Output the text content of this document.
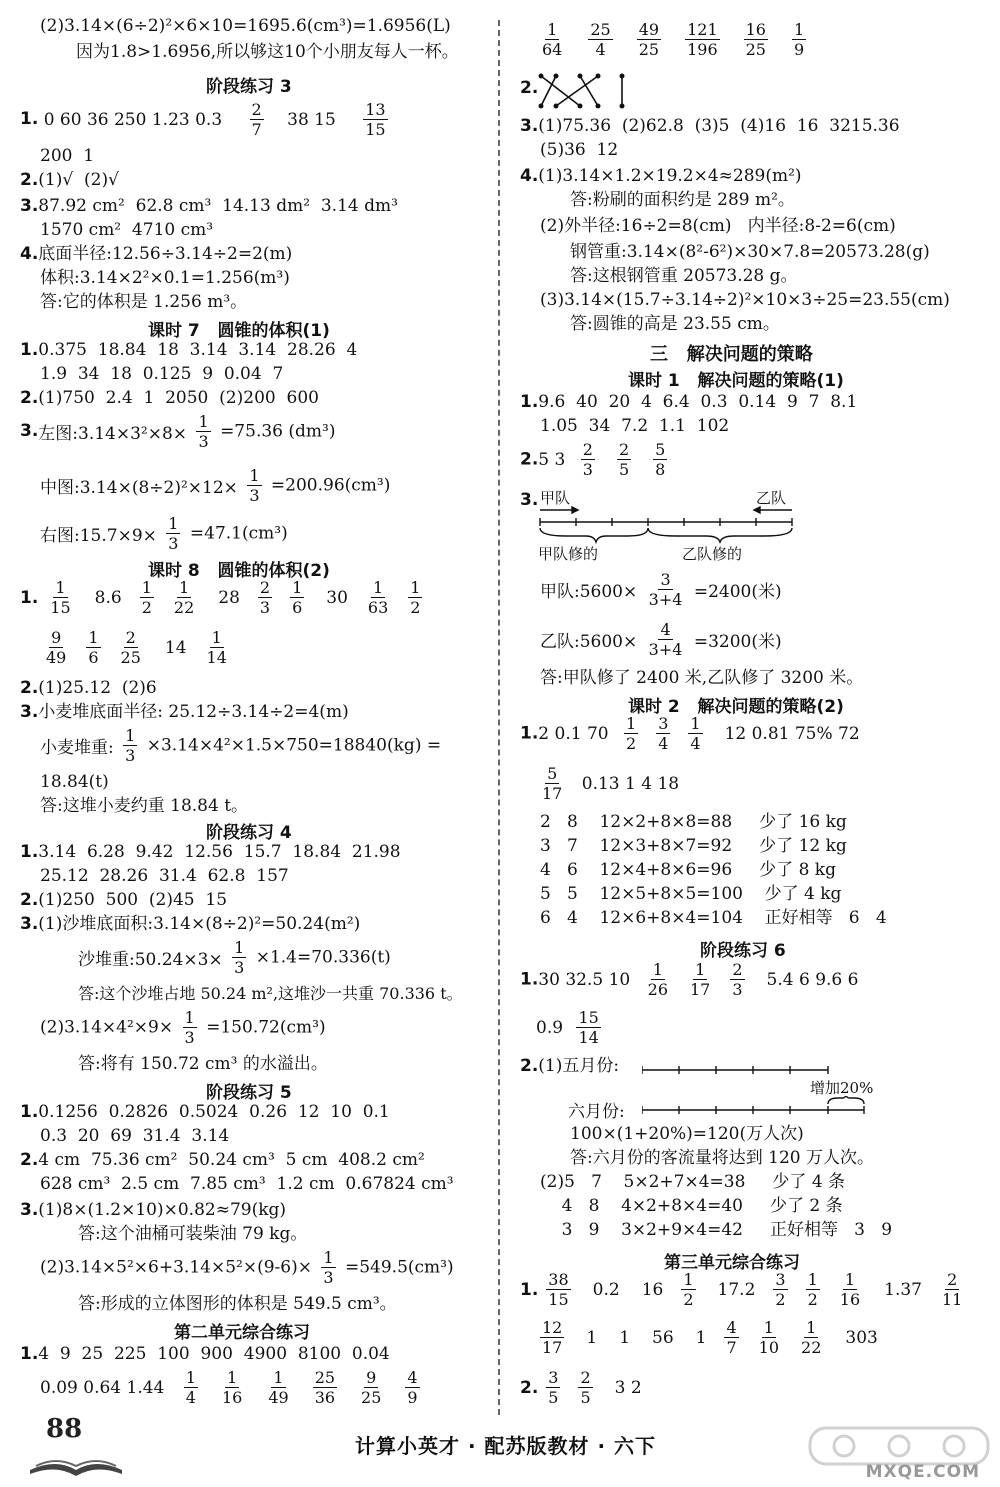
(2)3.14×(6÷2)²×6×10=1695.6(cm³)=1.6956(L)
因为1.8>1.6956,所以够这10个小朋友每人一杯。
阶段练习 3
1. 0 60 36 250 1.23 $0.3 \frac{2}{7} 38$ $15 \frac{13}{15}$
200  1
2.(1)√  (2)√
3.87.92 cm²  62.8 cm³  14.13 dm²  3.14 dm³
1570 cm²  4710 cm³
4.底面半径:12.56÷3.14÷2=2(m)
体积:3.14×2²×0.1=1.256(m³)
答:它的体积是 1.256 m³。
课时 7   圆锥的体积(1)
1.0.375  18.84  18  3.14  3.14  28.26  4
1.9  34  18  0.125  9  0.04  7
2.(1)750  2.4  1  2050  (2)200  600
3.左图:3.14×3²×8× $\frac{1}{3} =75.36$ (dm³)
中图:3.14×(8÷2)²×12× $\frac{1}{3} =200.96(cm^3)$
右图:15.7×9× $\frac{1}{3} =47.1(cm^3)$
课时 8   圆锥的体积(2)
1. $\frac{1}{15} 8.6 \frac{1}{2} \frac{1}{22} 28 \frac{2}{3} \frac{1}{6} 30 \frac{1}{63} \frac{1}{2}$
$\frac{9}{49} \frac{1}{6} \frac{2}{25} 14 \frac{1}{14}$
2.(1)25.12  (2)6
3.小麦堆底面半径: 25.12÷3.14÷2=4(m)
小麦堆重: $\frac{1}{3} \times 3.14\times 4^2\times 1.5\times 750=18840(kg)$ =
18.84(t)
答:这堆小麦约重 18.84 t。
阶段练习 4
1.3.14  6.28  9.42  12.56  15.7  18.84  21.98
25.12  28.26  31.4  62.8  157
2.(1)250  500  (2)45  15
3.(1)沙堆底面积:3.14×(8÷2)²=50.24(m²)
沙堆重:50.24×3× $\frac{1}{3} \times 1.4=70.336(t)$
答:这个沙堆占地 50.24 m²,这堆沙一共重 70.336 t。
$(2)3.14\times 4^2\times 9\times \frac{1}{3} =150.72(cm^3)$
答:将有 150.72 cm³ 的水溢出。
阶段练习 5
1.0.1256  0.2826  0.5024  0.26  12  10  0.1
0.3  20  69  31.4  3.14
2.4 cm  75.36 cm²  50.24 cm³  5 cm  408.2 cm²
628 cm³  2.5 cm  7.85 cm³  1.2 cm  0.67824 cm³
3.(1)8×(1.2×10)×0.82≈79(kg)
答:这个油桶可装柴油 79 kg。
$(2)3.14\times 5^2\times 6+3.14\times 5^2\times(9-6)\times \frac{1}{3} =549.5(cm^3)$
答:形成的立体图形的体积是 549.5 cm³。
第二单元综合练习
1.4  9  25  225  100  900  4900  8100  0.04
0.09 0.64 $1.44 \frac{1}{4} \frac{1}{16} \frac{1}{49} \frac{25}{36} \frac{9}{25} \frac{4}{9}$
$\frac{1}{64} \frac{25}{4} \frac{49}{25} \frac{121}{196} \frac{16}{25} \frac{1}{9}$
2.
3.(1)75.36  (2)62.8  (3)5  (4)16  16  3215.36
(5)36  12
4.(1)3.14×1.2×19.2×4≈289(m²)
答:粉刷的面积约是 289 m²。
(2)外半径:16÷2=8(cm)   内半径:8-2=6(cm)
钢管重:3.14×(8²-6²)×30×7.8=20573.28(g)
答:这根钢管重 20573.28 g。
(3)3.14×(15.7÷3.14÷2)²×10×3÷25=23.55(cm)
答:圆锥的高是 23.55 cm。
三   解决问题的策略
课时 1   解决问题的策略(1)
1.9.6  40  20  4  6.4  0.3  0.14  9  7  8.1
1.05  34  7.2  1.1  102
2.5 $3 \frac{2}{3} \frac{2}{5} \frac{5}{8}$
3. 甲队	乙队
甲队修的	乙队修的
甲队:5600× $\frac{3}{3+4} =2400$(米)
乙队:5600× $\frac{4}{3+4} =3200$(米)
答:甲队修了 2400 米,乙队修了 3200 米。
课时 2   解决问题的策略(2)
1.2 0.1 $70 \frac{1}{2} \frac{3}{4} \frac{1}{4} 12$ 0.81 75% 72
$\frac{5}{17} 0.13$ 1 4 18
2   8    12×2+8×8=88     少了 16 kg
3   7    12×3+8×7=92     少了 12 kg
4   6    12×4+8×6=96     少了 8 kg
5   5    12×5+8×5=100    少了 4 kg
6   4    12×6+8×4=104    正好相等   6   4
阶段练习 6
1.30 32.5 $10 \frac{1}{26} \frac{1}{17} \frac{2}{3} 5.4$ 6 9.6 6
$0.9 \frac{15}{14}$
2.(1)五月份:
增加20%
六月份:
100×(1+20%)=120(万人次)
答:六月份的客流量将达到 120 万人次。
(2)5   7    5×2+7×4=38     少了 4 条
4   8    4×2+8×4=40     少了 2 条
3   9    3×2+9×4=42     正好相等   3   9
第三单元综合练习
1. $\frac{38}{15} 0.2$ $16 \frac{1}{2} 17.2 \frac{3}{2} \frac{1}{2} \frac{1}{16} 1.37 \frac{2}{11}$
$\frac{12}{17} 1$ 1 56 $1 \frac{4}{7} \frac{1}{10} \frac{1}{22} 303$
2. $\frac{3}{5} \frac{2}{5} 3$ 2
88
计算小英才 · 配苏版教材 · 六下
MXQE.COM
